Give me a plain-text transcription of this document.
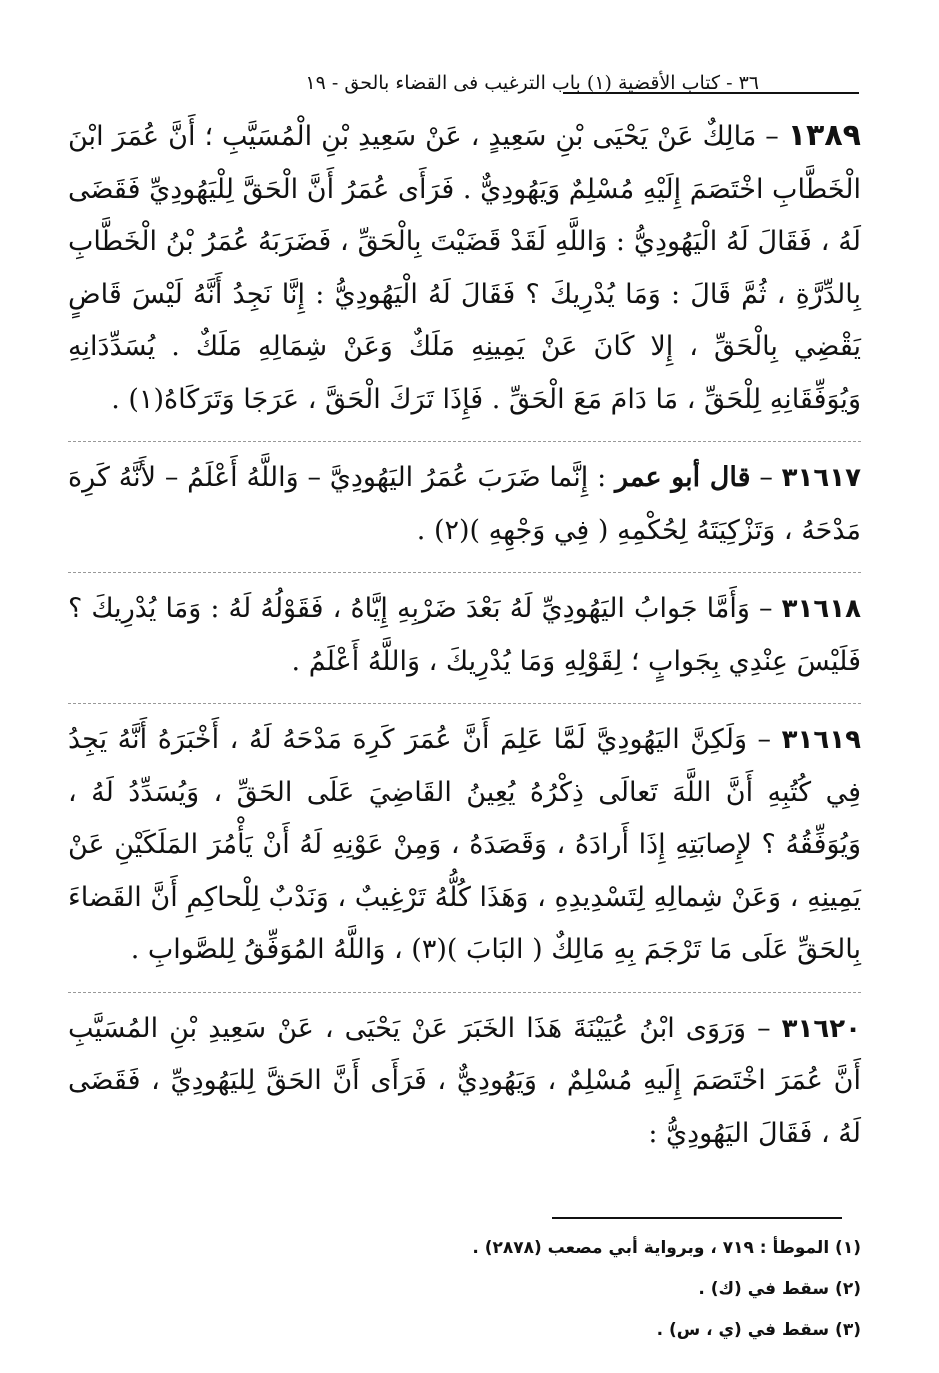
٣٦ - كتاب الأقضية (١) باب الترغيب فى القضاء بالحق - ١٩

١٣٨٩ – مَالِكٌ عَنْ يَحْيَى بْنِ سَعِيدٍ ، عَنْ سَعِيدِ بْنِ الْمُسَيَّبِ ؛ أَنَّ عُمَرَ ابْنَ الْخَطَّابِ اخْتَصَمَ إِلَيْهِ مُسْلِمٌ وَيَهُودِيٌّ . فَرَأَى عُمَرُ أَنَّ الْحَقَّ لِلْيَهُودِيِّ فَقَضَى لَهُ ، فَقَالَ لَهُ الْيَهُودِيُّ : وَاللَّهِ لَقَدْ قَضَيْتَ بِالْحَقِّ ، فَضَرَبَهُ عُمَرُ بْنُ الْخَطَّابِ بِالدِّرَّةِ ، ثُمَّ قَالَ : وَمَا يُدْرِيكَ ؟ فَقَالَ لَهُ الْيَهُودِيُّ : إِنَّا نَجِدُ أَنَّهُ لَيْسَ قَاضٍ يَقْضِي بِالْحَقِّ ، إِلا كَانَ عَنْ يَمِينِهِ مَلَكٌ وَعَنْ شِمَالِهِ مَلَكٌ . يُسَدِّدَانِهِ وَيُوَفِّقَانِهِ لِلْحَقِّ ، مَا دَامَ مَعَ الْحَقِّ . فَإِذَا تَرَكَ الْحَقَّ ، عَرَجَا وَتَرَكَاهُ(١) .

٣١٦١٧ – قال أبو عمر : إِنَّما ضَرَبَ عُمَرُ اليَهُودِيَّ – وَاللَّهُ أَعْلَمُ – لأَنَّهُ كَرِهَ مَدْحَهُ ، وَتَزْكِيَتَهُ لِحُكْمِهِ ( فِي وَجْهِهِ )(٢) .

٣١٦١٨ – وَأَمَّا جَوابُ اليَهُودِيِّ لَهُ بَعْدَ ضَرْبِهِ إِيَّاهُ ، فَقَوْلُهُ لَهُ : وَمَا يُدْرِيكَ ؟ فَلَيْسَ عِنْدِي بِجَوابٍ ؛ لِقَوْلِهِ وَمَا يُدْرِيكَ ، وَاللَّهُ أَعْلَمُ .

٣١٦١٩ – وَلَكِنَّ اليَهُودِيَّ لَمَّا عَلِمَ أَنَّ عُمَرَ كَرِهَ مَدْحَهُ لَهُ ، أَخْبَرَهُ أَنَّهُ يَجِدُ فِي كُتُبِهِ أَنَّ اللَّهَ تَعالَى ذِكْرُهُ يُعِينُ القَاضِيَ عَلَى الحَقِّ ، وَيُسَدِّدُ لَهُ ، وَيُوَفِّقُهُ ؟ لإِصابَتِهِ إِذَا أَرادَهُ ، وَقَصَدَهُ ، وَمِنْ عَوْنِهِ لَهُ أَنْ يَأْمُرَ المَلَكَيْنِ عَنْ يَمِينِهِ ، وَعَنْ شِمالِهِ لِتَسْدِيدِهِ ، وَهَذَا كُلُّهُ تَرْغِيبٌ ، وَنَدْبٌ لِلْحاكِمِ أَنَّ القَضاءَ بِالحَقِّ عَلَى مَا تَرْجَمَ بِهِ مَالِكٌ ( البَابَ )(٣) ، وَاللَّهُ المُوَفِّقُ لِلصَّوابِ .

٣١٦٢٠ – وَرَوَى ابْنُ عُيَيْنَةَ هَذَا الخَبَرَ عَنْ يَحْيَى ، عَنْ سَعِيدِ بْنِ المُسَيَّبِ أَنَّ عُمَرَ اخْتَصَمَ إِلَيهِ مُسْلِمٌ ، وَيَهُودِيٌّ ، فَرَأَى أَنَّ الحَقَّ لِليَهُودِيِّ ، فَقَضَى لَهُ ، فَقَالَ اليَهُودِيُّ :

(١) الموطأ : ٧١٩ ، وبرواية أبي مصعب (٢٨٧٨) .
(٢) سقط في (ك) .
(٣) سقط في (ي ، س) .
